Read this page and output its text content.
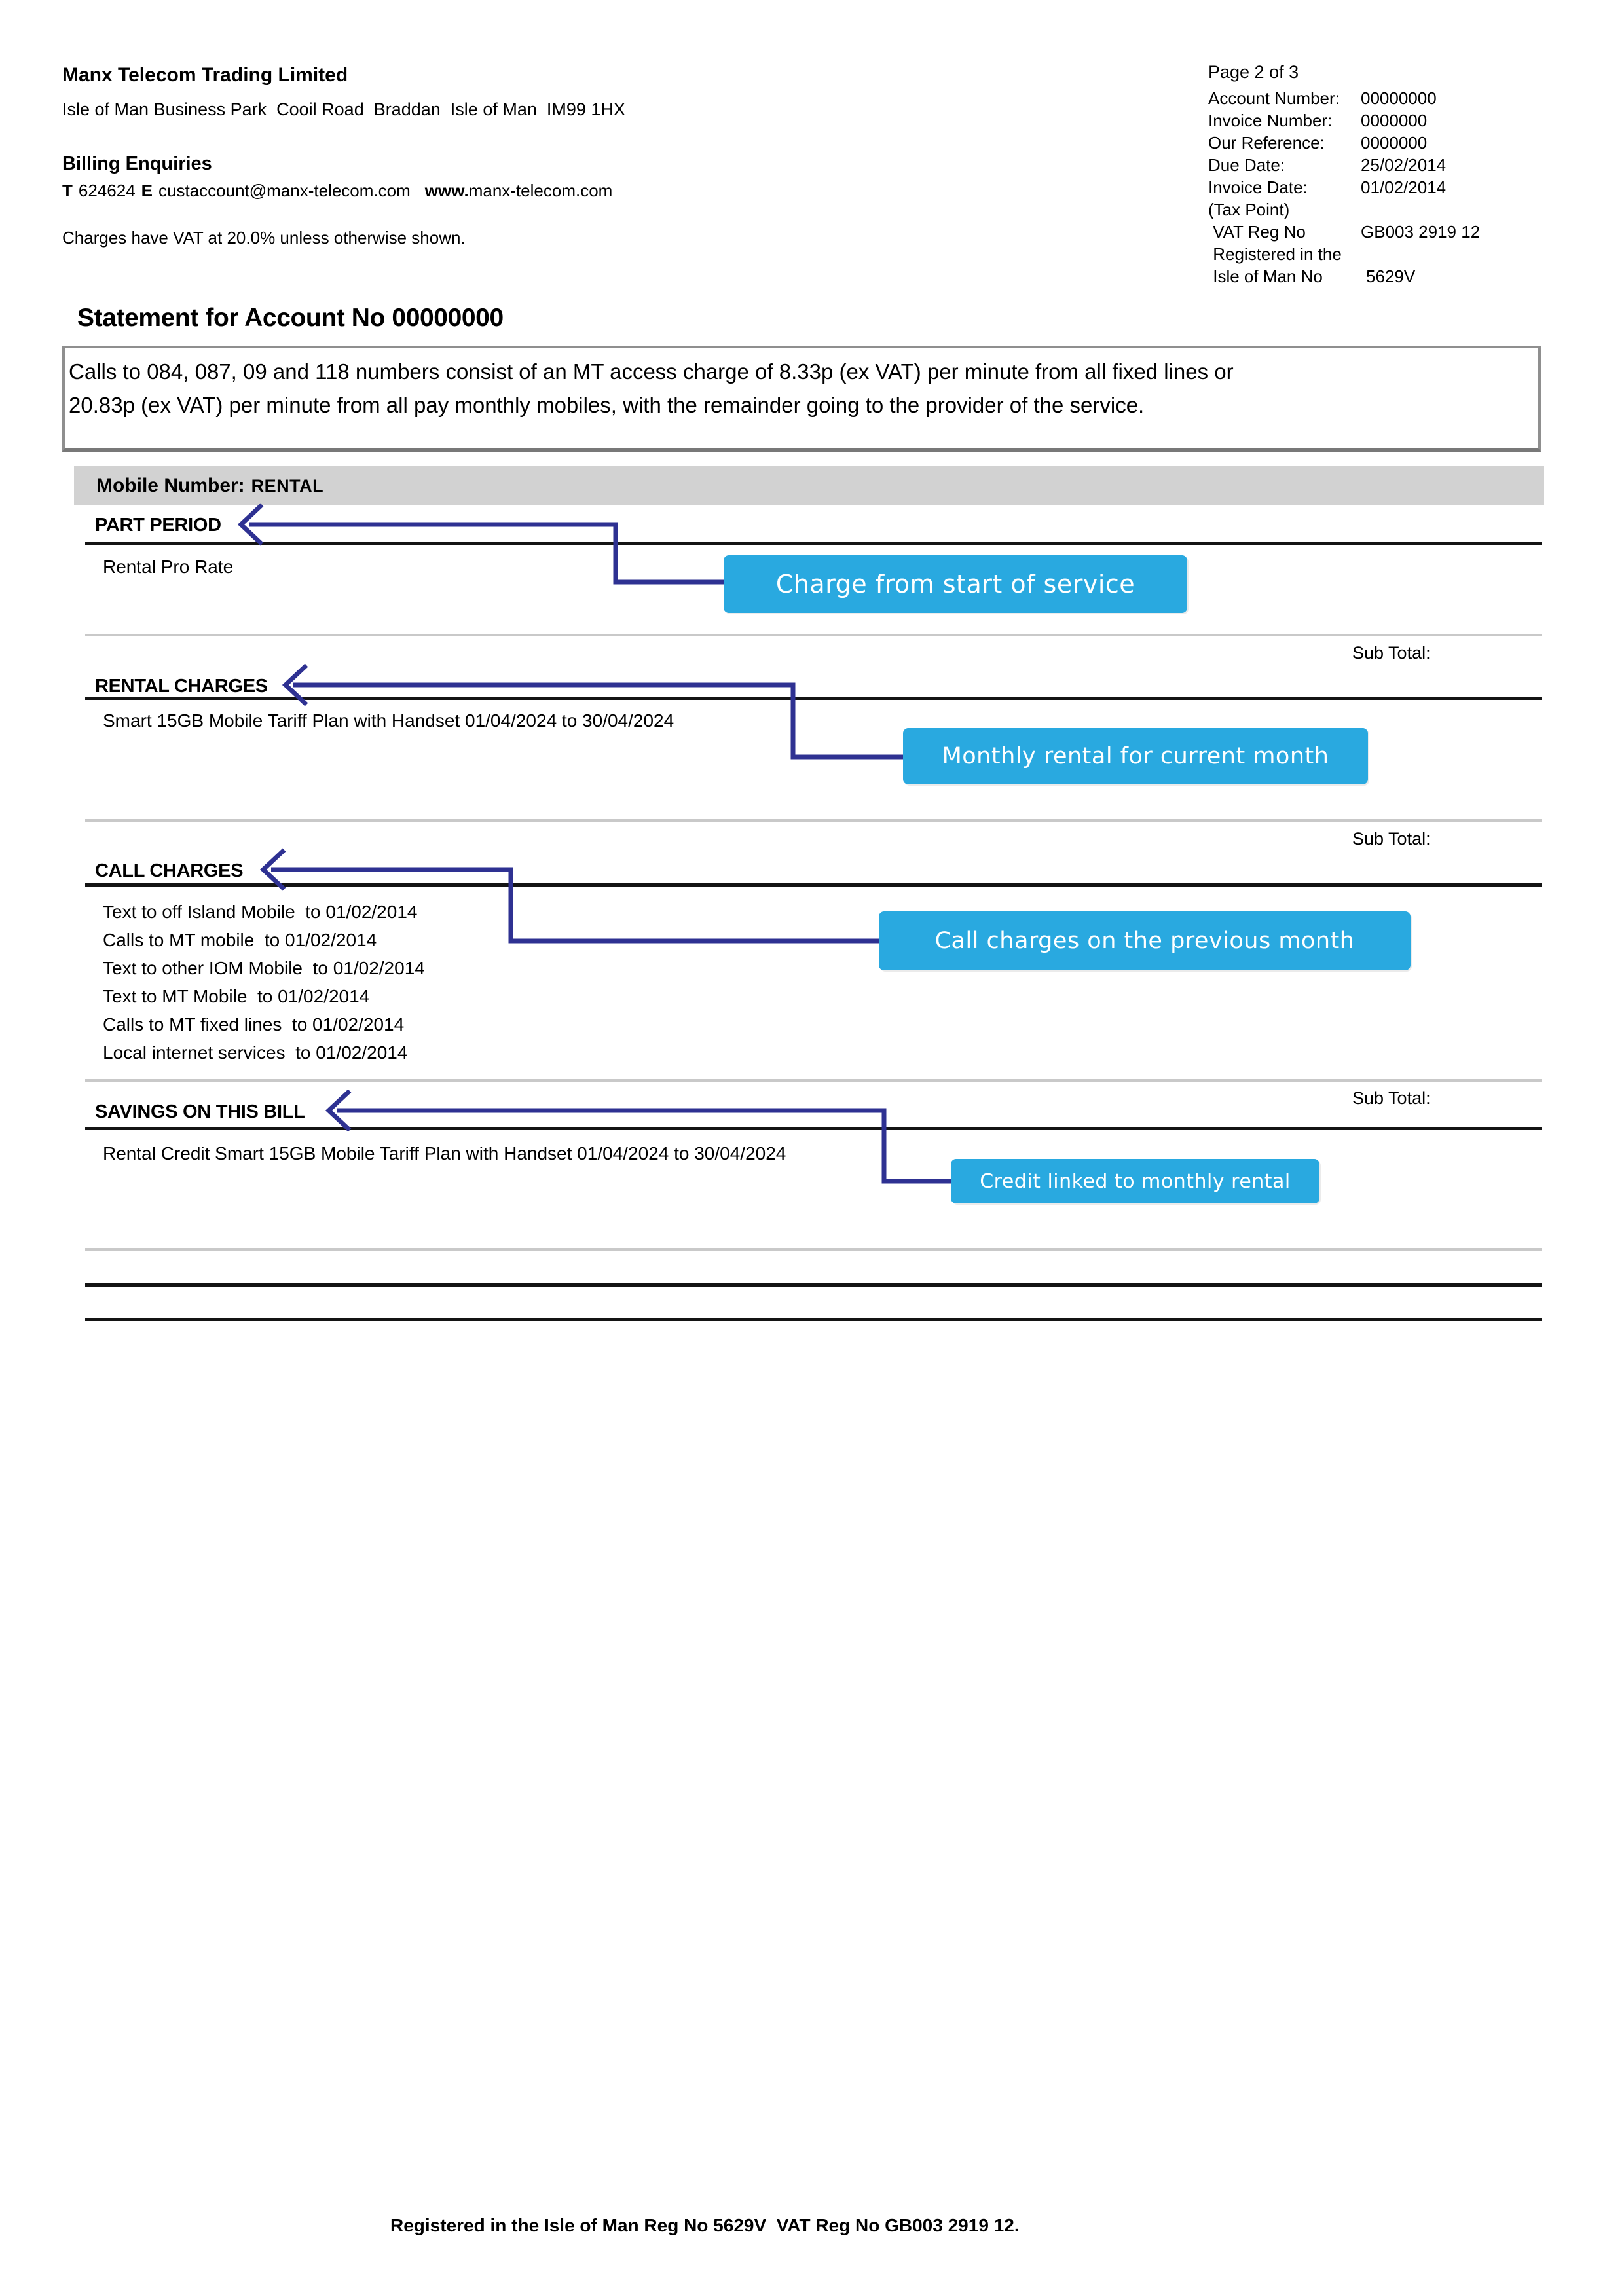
Manx Telecom Trading Limited
Isle of Man Business Park  Cooil Road  Braddan  Isle of Man  IM99 1HX
Billing Enquiries
T 624624 E custaccount@manx-telecom.com www.manx-telecom.com
Charges have VAT at 20.0% unless otherwise shown.
Page 2 of 3
Account Number:	00000000
Invoice Number:	0000000
Our Reference:	0000000
Due Date:	25/02/2014
Invoice Date:	01/02/2014
(Tax Point)
VAT Reg No	GB003 2919 12
Registered in the
Isle of Man No	5629V
Statement for Account No 00000000
Calls to 084, 087, 09 and 118 numbers consist of an MT access charge of 8.33p (ex VAT) per minute from all fixed lines or
20.83p (ex VAT) per minute from all pay monthly mobiles, with the remainder going to the provider of the service.
Mobile Number: RENTAL
PART PERIOD
Rental Pro Rate
Sub Total:
RENTAL CHARGES
Smart 15GB Mobile Tariff Plan with Handset 01/04/2024 to 30/04/2024
Sub Total:
CALL CHARGES
Text to off Island Mobile  to 01/02/2014
Calls to MT mobile  to 01/02/2014
Text to other IOM Mobile  to 01/02/2014
Text to MT Mobile  to 01/02/2014
Calls to MT fixed lines  to 01/02/2014
Local internet services  to 01/02/2014
Sub Total:
SAVINGS ON THIS BILL
Rental Credit Smart 15GB Mobile Tariff Plan with Handset 01/04/2024 to 30/04/2024
Charge from start of service
Monthly rental for current month
Call charges on the previous month
Credit linked to monthly rental
Registered in the Isle of Man Reg No 5629V  VAT Reg No GB003 2919 12.
